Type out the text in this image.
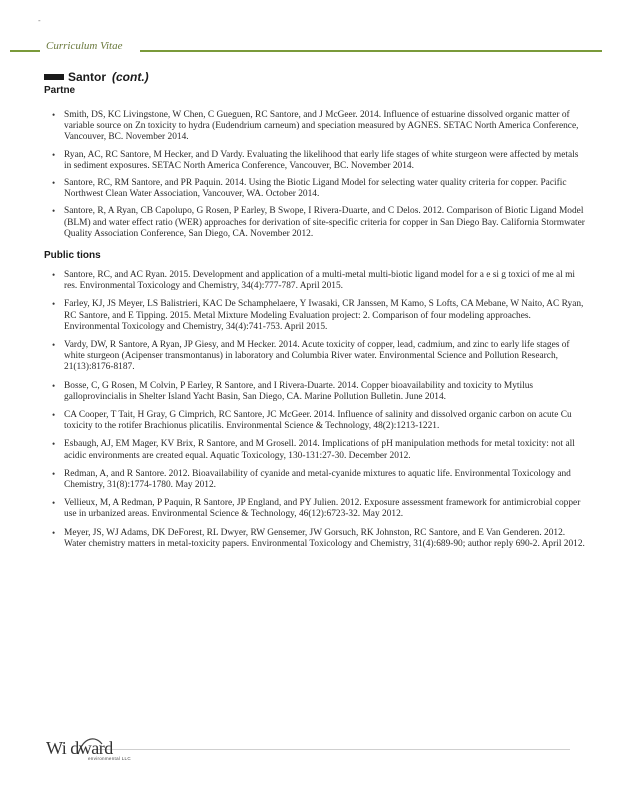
-
Curriculum Vitae
Santor (cont.)
Partne
• Smith, DS, KC Livingstone, W Chen, C Gueguen, RC Santore, and J McGeer. 2014. Influence of estuarine dissolved organic matter of variable source on Zn toxicity to hydra (Eudendrium carneum) and speciation measured by AGNES. SETAC North America Conference, Vancouver, BC. November 2014.
• Ryan, AC, RC Santore, M Hecker, and D Vardy. Evaluating the likelihood that early life stages of white sturgeon were affected by metals in sediment exposures. SETAC North America Conference, Vancouver, BC. November 2014.
• Santore, RC, RM Santore, and PR Paquin. 2014. Using the Biotic Ligand Model for selecting water quality criteria for copper. Pacific Northwest Clean Water Association, Vancouver, WA. October 2014.
• Santore, R, A Ryan, CB Capolupo, G Rosen, P Earley, B Swope, I Rivera-Duarte, and C Delos. 2012. Comparison of Biotic Ligand Model (BLM) and water effect ratio (WER) approaches for derivation of site-specific criteria for copper in San Diego Bay. California Stormwater Quality Association Conference, San Diego, CA. November 2012.
Public tions
• Santore, RC, and AC Ryan. 2015. Development and application of a multi-metal multi-biotic ligand model for a e si g toxici of me al mi res. Environmental Toxicology and Chemistry, 34(4):777-787. April 2015.
• Farley, KJ, JS Meyer, LS Balistrieri, KAC De Schamphelaere, Y Iwasaki, CR Janssen, M Kamo, S Lofts, CA Mebane, W Naito, AC Ryan, RC Santore, and E Tipping. 2015. Metal Mixture Modeling Evaluation project: 2. Comparison of four modeling approaches. Environmental Toxicology and Chemistry, 34(4):741-753. April 2015.
• Vardy, DW, R Santore, A Ryan, JP Giesy, and M Hecker. 2014. Acute toxicity of copper, lead, cadmium, and zinc to early life stages of white sturgeon (Acipenser transmontanus) in laboratory and Columbia River water. Environmental Science and Pollution Research, 21(13):8176-8187.
• Bosse, C, G Rosen, M Colvin, P Earley, R Santore, and I Rivera-Duarte. 2014. Copper bioavailability and toxicity to Mytilus galloprovincialis in Shelter Island Yacht Basin, San Diego, CA. Marine Pollution Bulletin. June 2014.
• CA Cooper, T Tait, H Gray, G Cimprich, RC Santore, JC McGeer. 2014. Influence of salinity and dissolved organic carbon on acute Cu toxicity to the rotifer Brachionus plicatilis. Environmental Science & Technology, 48(2):1213-1221.
• Esbaugh, AJ, EM Mager, KV Brix, R Santore, and M Grosell. 2014. Implications of pH manipulation methods for metal toxicity: not all acidic environments are created equal. Aquatic Toxicology, 130-131:27-30. December 2012.
• Redman, A, and R Santore. 2012. Bioavailability of cyanide and metal-cyanide mixtures to aquatic life. Environmental Toxicology and Chemistry, 31(8):1774-1780. May 2012.
• Vellieux, M, A Redman, P Paquin, R Santore, JP England, and PY Julien. 2012. Exposure assessment framework for antimicrobial copper use in urbanized areas. Environmental Science & Technology, 46(12):6723-32. May 2012.
• Meyer, JS, WJ Adams, DK DeForest, RL Dwyer, RW Gensemer, JW Gorsuch, RK Johnston, RC Santore, and E Van Genderen. 2012. Water chemistry matters in metal-toxicity papers. Environmental Toxicology and Chemistry, 31(4):689-90; author reply 690-2. April 2012.
Wi dward
environmental LLC
